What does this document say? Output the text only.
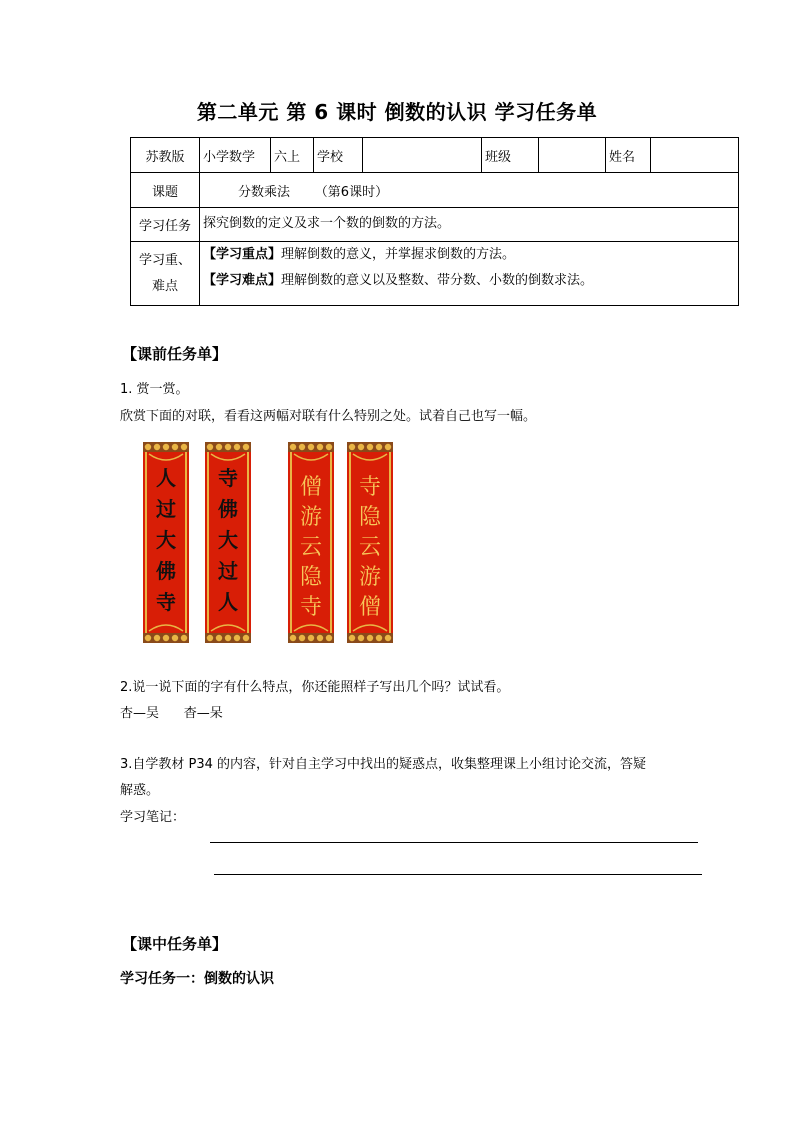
第二单元 第 6 课时 倒数的认识 学习任务单
苏教版	小学数学	六上	学校		班级		姓名	
课题	分数乘法      （第6课时）							
学习任务	探究倒数的定义及求一个数的倒数的方法。							
学习重、难点	【学习重点】理解倒数的意义，并掌握求倒数的方法。
【学习难点】理解倒数的意义以及整数、带分数、小数的倒数求法。							
【课前任务单】
1. 赏一赏。
欣赏下面的对联，看看这两幅对联有什么特别之处。试着自己也写一幅。
人
过
大
佛
寺
寺
佛
大
过
人
僧
游
云
隐
寺
寺
隐
云
游
僧
2.说一说下面的字有什么特点，你还能照样子写出几个吗？试试看。
杏—吴      杳—呆
3.自学教材 P34 的内容，针对自主学习中找出的疑惑点，收集整理课上小组讨论交流，答疑
解惑。
学习笔记：
【课中任务单】
学习任务一：倒数的认识
